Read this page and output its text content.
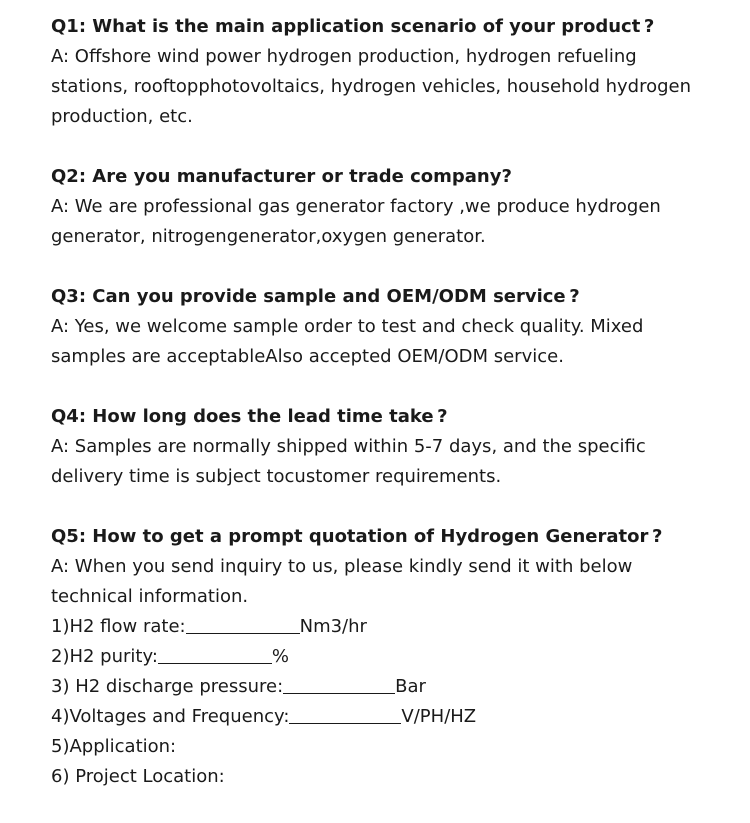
Q1: What is the main application scenario of your product ?
A: Offshore wind power hydrogen production, hydrogen refueling
stations, rooftopphotovoltaics, hydrogen vehicles, household hydrogen
production, etc.
Q2: Are you manufacturer or trade company?
A: We are professional gas generator factory ,we produce hydrogen
generator, nitrogengenerator,oxygen generator.
Q3: Can you provide sample and OEM/ODM service ?
A: Yes, we welcome sample order to test and check quality. Mixed
samples are acceptableAlso accepted OEM/ODM service.
Q4: How long does the lead time take ?
A: Samples are normally shipped within 5-7 days, and the specific
delivery time is subject tocustomer requirements.
Q5: How to get a prompt quotation of Hydrogen Generator ?
A: When you send inquiry to us, please kindly send it with below
technical information.
1)H2 flow rate:	Nm3/hr
2)H2 purity:	%
3) H2 discharge pressure:	Bar
4)Voltages and Frequency:	V/PH/HZ
5)Application:
6) Project Location:
